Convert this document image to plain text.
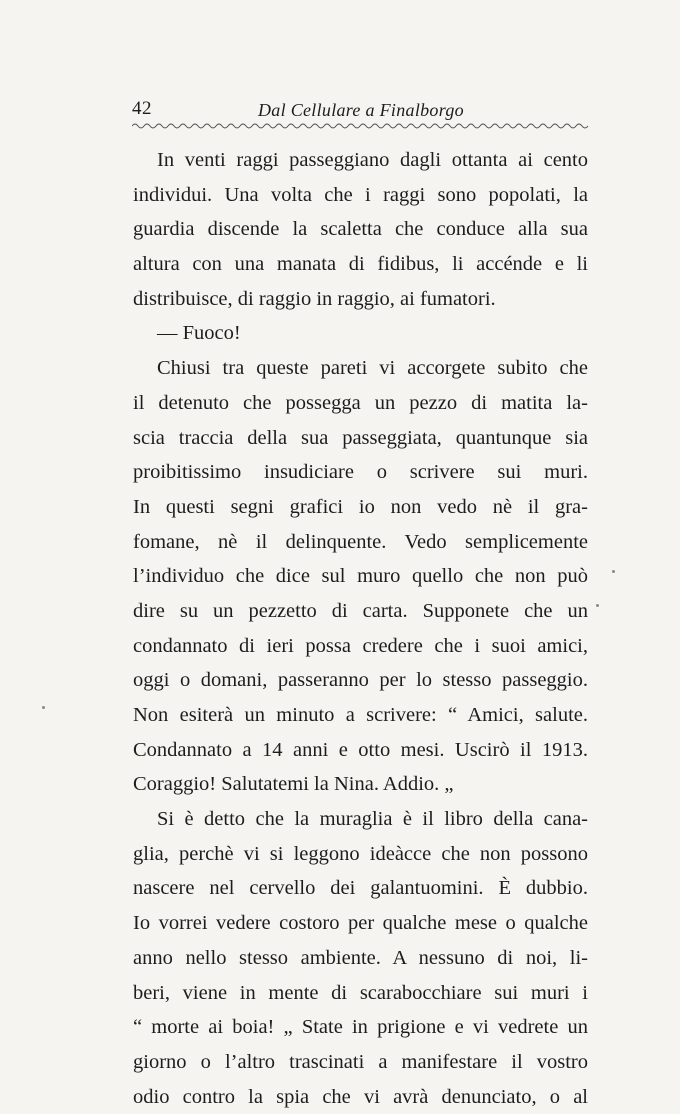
42	Dal Cellulare a Finalborgo
In venti raggi passeggiano dagli ottanta ai cento
individui. Una volta che i raggi sono popolati, la
guardia discende la scaletta che conduce alla sua
altura con una manata di fidibus, li accénde e li
distribuisce, di raggio in raggio, ai fumatori.
— Fuoco!
Chiusi tra queste pareti vi accorgete subito che
il detenuto che possegga un pezzo di matita la-
scia traccia della sua passeggiata, quantunque sia
proibitissimo insudiciare o scrivere sui muri.
In questi segni grafici io non vedo nè il gra-
fomane, nè il delinquente. Vedo semplicemente
l’individuo che dice sul muro quello che non può
dire su un pezzetto di carta. Supponete che un
condannato di ieri possa credere che i suoi amici,
oggi o domani, passeranno per lo stesso passeggio.
Non esiterà un minuto a scrivere: “ Amici, salute.
Condannato a 14 anni e otto mesi. Uscirò il 1913.
Coraggio! Salutatemi la Nina. Addio. „
Si è detto che la muraglia è il libro della cana-
glia, perchè vi si leggono ideàcce che non possono
nascere nel cervello dei galantuomini. È dubbio.
Io vorrei vedere costoro per qualche mese o qualche
anno nello stesso ambiente. A nessuno di noi, li-
beri, viene in mente di scarabocchiare sui muri i
“ morte ai boia! „ State in prigione e vi vedrete un
giorno o l’altro trascinati a manifestare il vostro
odio contro la spia che vi avrà denunciato, o al
